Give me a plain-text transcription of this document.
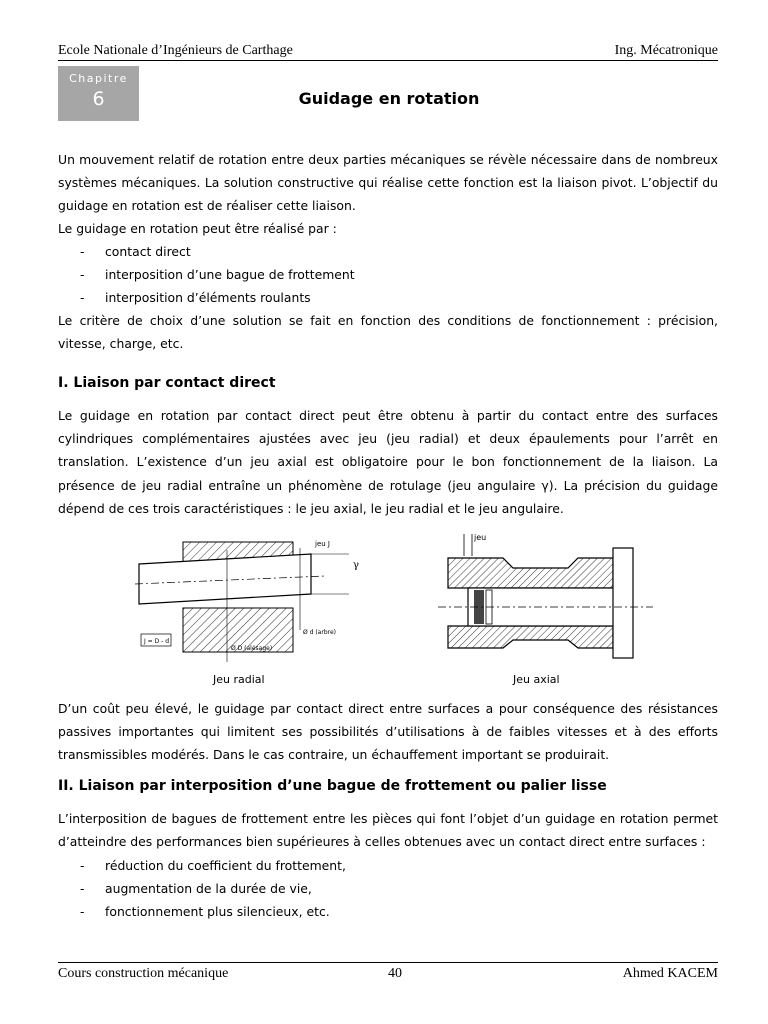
Ecole Nationale d’Ingénieurs de Carthage	Ing. Mécatronique
Chapitre
6	Guidage en rotation

Un mouvement relatif de rotation entre deux parties mécaniques se révèle nécessaire dans de nombreux systèmes mécaniques. La solution constructive qui réalise cette fonction est la liaison pivot. L’objectif du guidage en rotation est de réaliser cette liaison.

Le guidage en rotation peut être réalisé par :

- contact direct
- interposition d’une bague de frottement
- interposition d’éléments roulants

Le critère de choix d’une solution se fait en fonction des conditions de fonctionnement : précision, vitesse, charge, etc.

I. Liaison par contact direct

Le guidage en rotation par contact direct peut être obtenu à partir du contact entre des surfaces cylindriques complémentaires ajustées avec jeu (jeu radial) et deux épaulements pour l’arrêt en translation. L’existence d’un jeu axial est obligatoire pour le bon fonctionnement de la liaison. La présence de jeu radial entraîne un phénomène de rotulage (jeu angulaire γ). La précision du guidage dépend de ces trois caractéristiques : le jeu axial, le jeu radial et le jeu angulaire.

jeu J
γ
Ø d (arbre)
Ø D (alésage)
J = D - d
Jeu radial
jeu
Jeu axial

D’un coût peu élevé, le guidage par contact direct entre surfaces a pour conséquence des résistances passives importantes qui limitent ses possibilités d’utilisations à de faibles vitesses et à des efforts transmissibles modérés. Dans le cas contraire, un échauffement important se produirait.

II. Liaison par interposition d’une bague de frottement ou palier lisse

L’interposition de bagues de frottement entre les pièces qui font l’objet d’un guidage en rotation permet d’atteindre des performances bien supérieures à celles obtenues avec un contact direct entre surfaces :

- réduction du coefficient du frottement,
- augmentation de la durée de vie,
- fonctionnement plus silencieux, etc.
Cours construction mécanique	40	Ahmed KACEM
